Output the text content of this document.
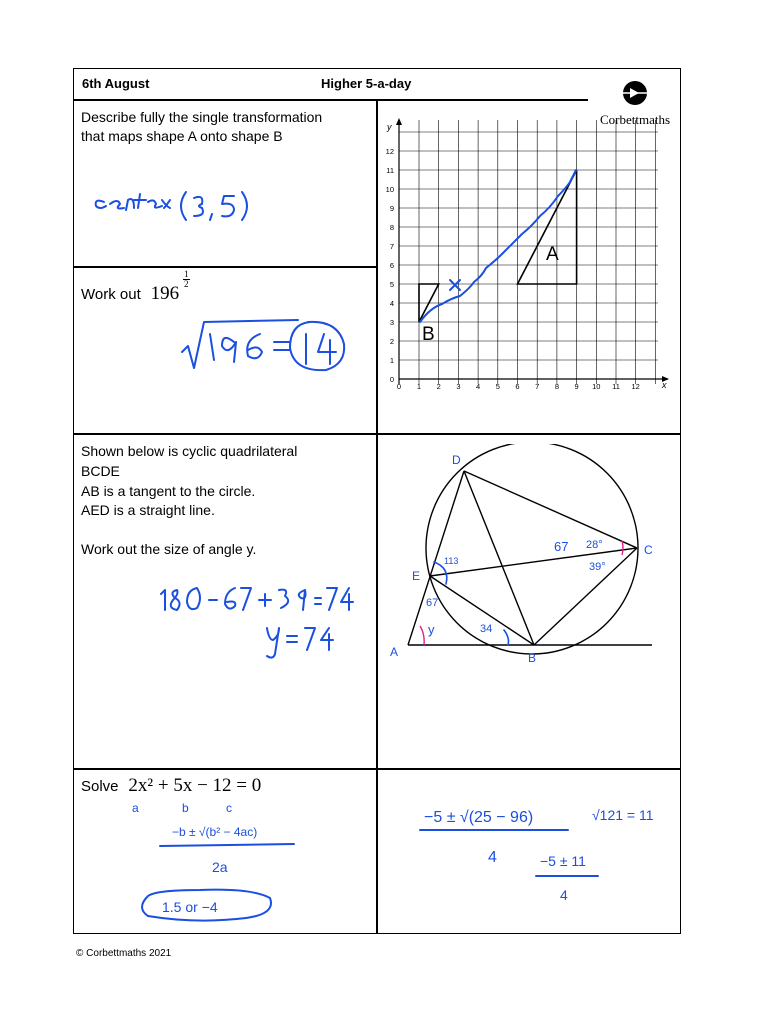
6th August	Higher 5-a-day
Corbettmaths
Describe fully the single transformation
that maps shape A onto shape B
y
x
0
1
2
3
4
5
6
7
8
9
10
11
12
0 1 2 3 4 5 6 7 8 9 10 11 12
A
B
Work out 196
$\frac{1}{2}$
Shown below is cyclic quadrilateral
BCDE
AB is a tangent to the circle.
AED is a straight line.
Work out the size of angle y.
D
C
E
A	B
28°
39°
67
113
67
34
y
Solve 2x² + 5x − 12 = 0
a	b	c
−b ± √(b² − 4ac)
2a
1.5 or −4
−5 ± √(25 − 96)
4
√121 = 11
−5 ± 11
4
© Corbettmaths 2021
